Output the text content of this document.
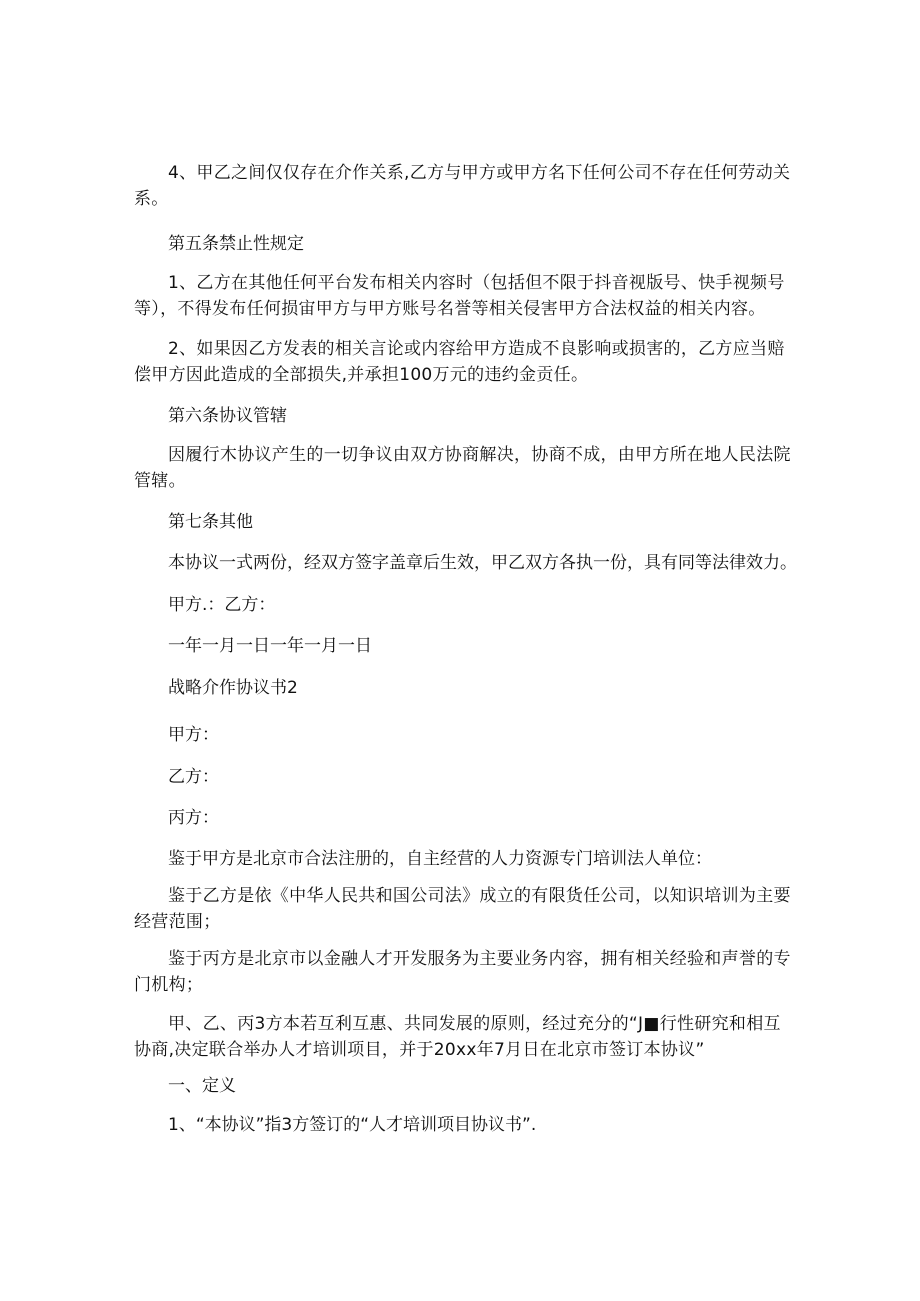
4、甲乙之间仅仅存在介作关系,乙方与甲方或甲方名下任何公司不存在任何劳动关系。

第五条禁止性规定

1、乙方在其他任何平台发布相关内容时（包括但不限于抖音视版号、快手视频号等），不得发布任何损宙甲方与甲方账号名誉等相关侵害甲方合法权益的相关内容。

2、如果因乙方发表的相关言论或内容给甲方造成不良影响或损害的，乙方应当赔偿甲方因此造成的全部损失,并承担100万元的违约金贡任。

第六条协议管辖

因履行木协议产生的一切争议由双方协商解决，协商不成，由甲方所在地人民法院管辖。

第七条其他

本协议一式两份，经双方签字盖章后生效，甲乙双方各执一份，具有同等法律效力。

甲方.：乙方：

一年一月一日一年一月一日

战略介作协议书2

甲方：

乙方：

丙方：

鉴于甲方是北京市合法注册的，自主经营的人力资源专门培训法人单位：

鉴于乙方是依《中华人民共和国公司法》成立的有限货任公司，以知识培训为主要经营范围；

鉴于丙方是北京市以金融人才开发服务为主要业务内容，拥有相关经验和声誉的专门机构；

甲、乙、丙3方本若互利互惠、共同发展的原则，经过充分的“J■行性研究和相互协商,决定联合举办人才培训项目，并于20xx年7月日在北京市签订本协议”

一、定义

1、“本协议”指3方签订的“人才培训项目协议书”.
